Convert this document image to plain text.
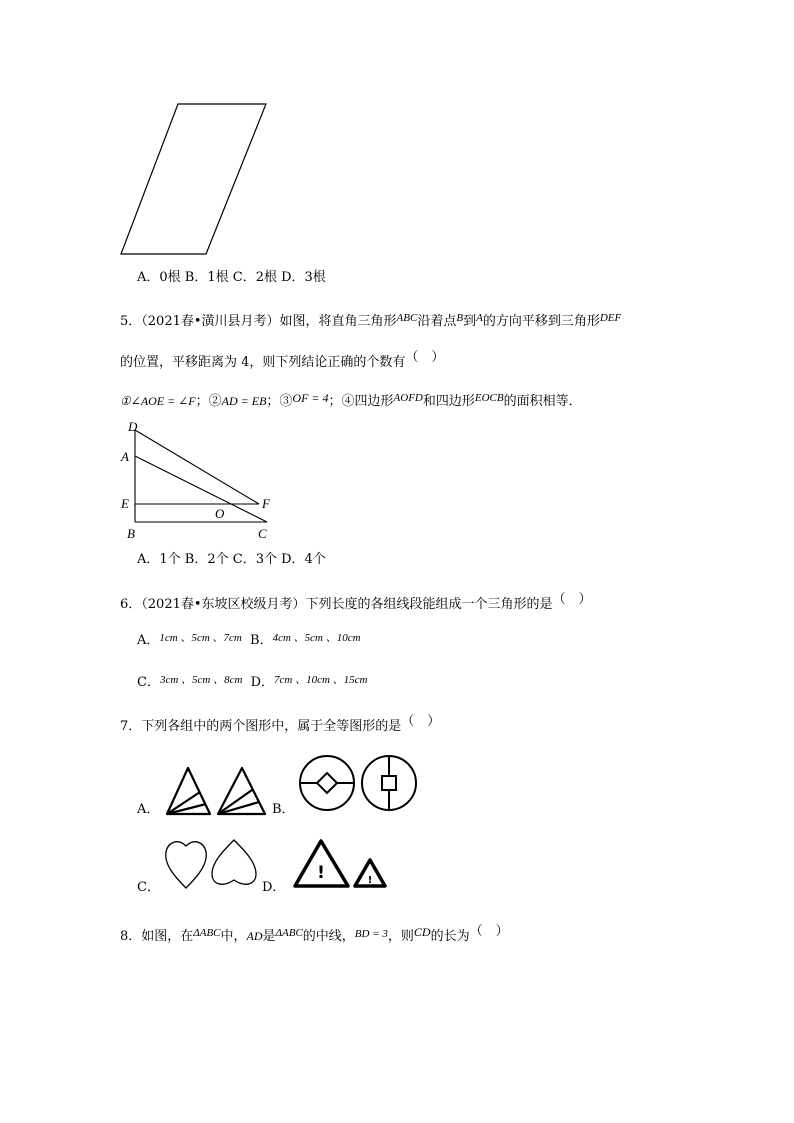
A．0根 B．1根 C．2根 D．3根
5．（2021春•潢川县月考）如图，将直角三角形$^{ABC}$沿着点$^B$到$^A$的方向平移到三角形$^{DEF}$
的位置，平移距离为 4，则下列结论正确的个数有（　）
①∠AOE = ∠F；②AD = EB；③OF = 4；④四边形$^{AOFD}$和四边形$^{EOCB}$的面积相等．
D
A
E
B
O
F
C
A．1个 B．2个 C．3个 D．4个
6．（2021春•东坡区校级月考）下列长度的各组线段能组成一个三角形的是（　）
A．$^{1cm 、5cm 、7cm}$ B．$^{4cm 、5cm 、10cm}$
C．$^{3cm 、5cm 、8cm}$ D．$^{7cm 、10cm 、15cm}$
7．下列各组中的两个图形中，属于全等图形的是（　）
A．	B．
C．	D．
!	!
8．如图，在$^{\Delta ABC}$中，AD是$^{\Delta ABC}$的中线，$^{BD = 3}$，则CD的长为（　）
